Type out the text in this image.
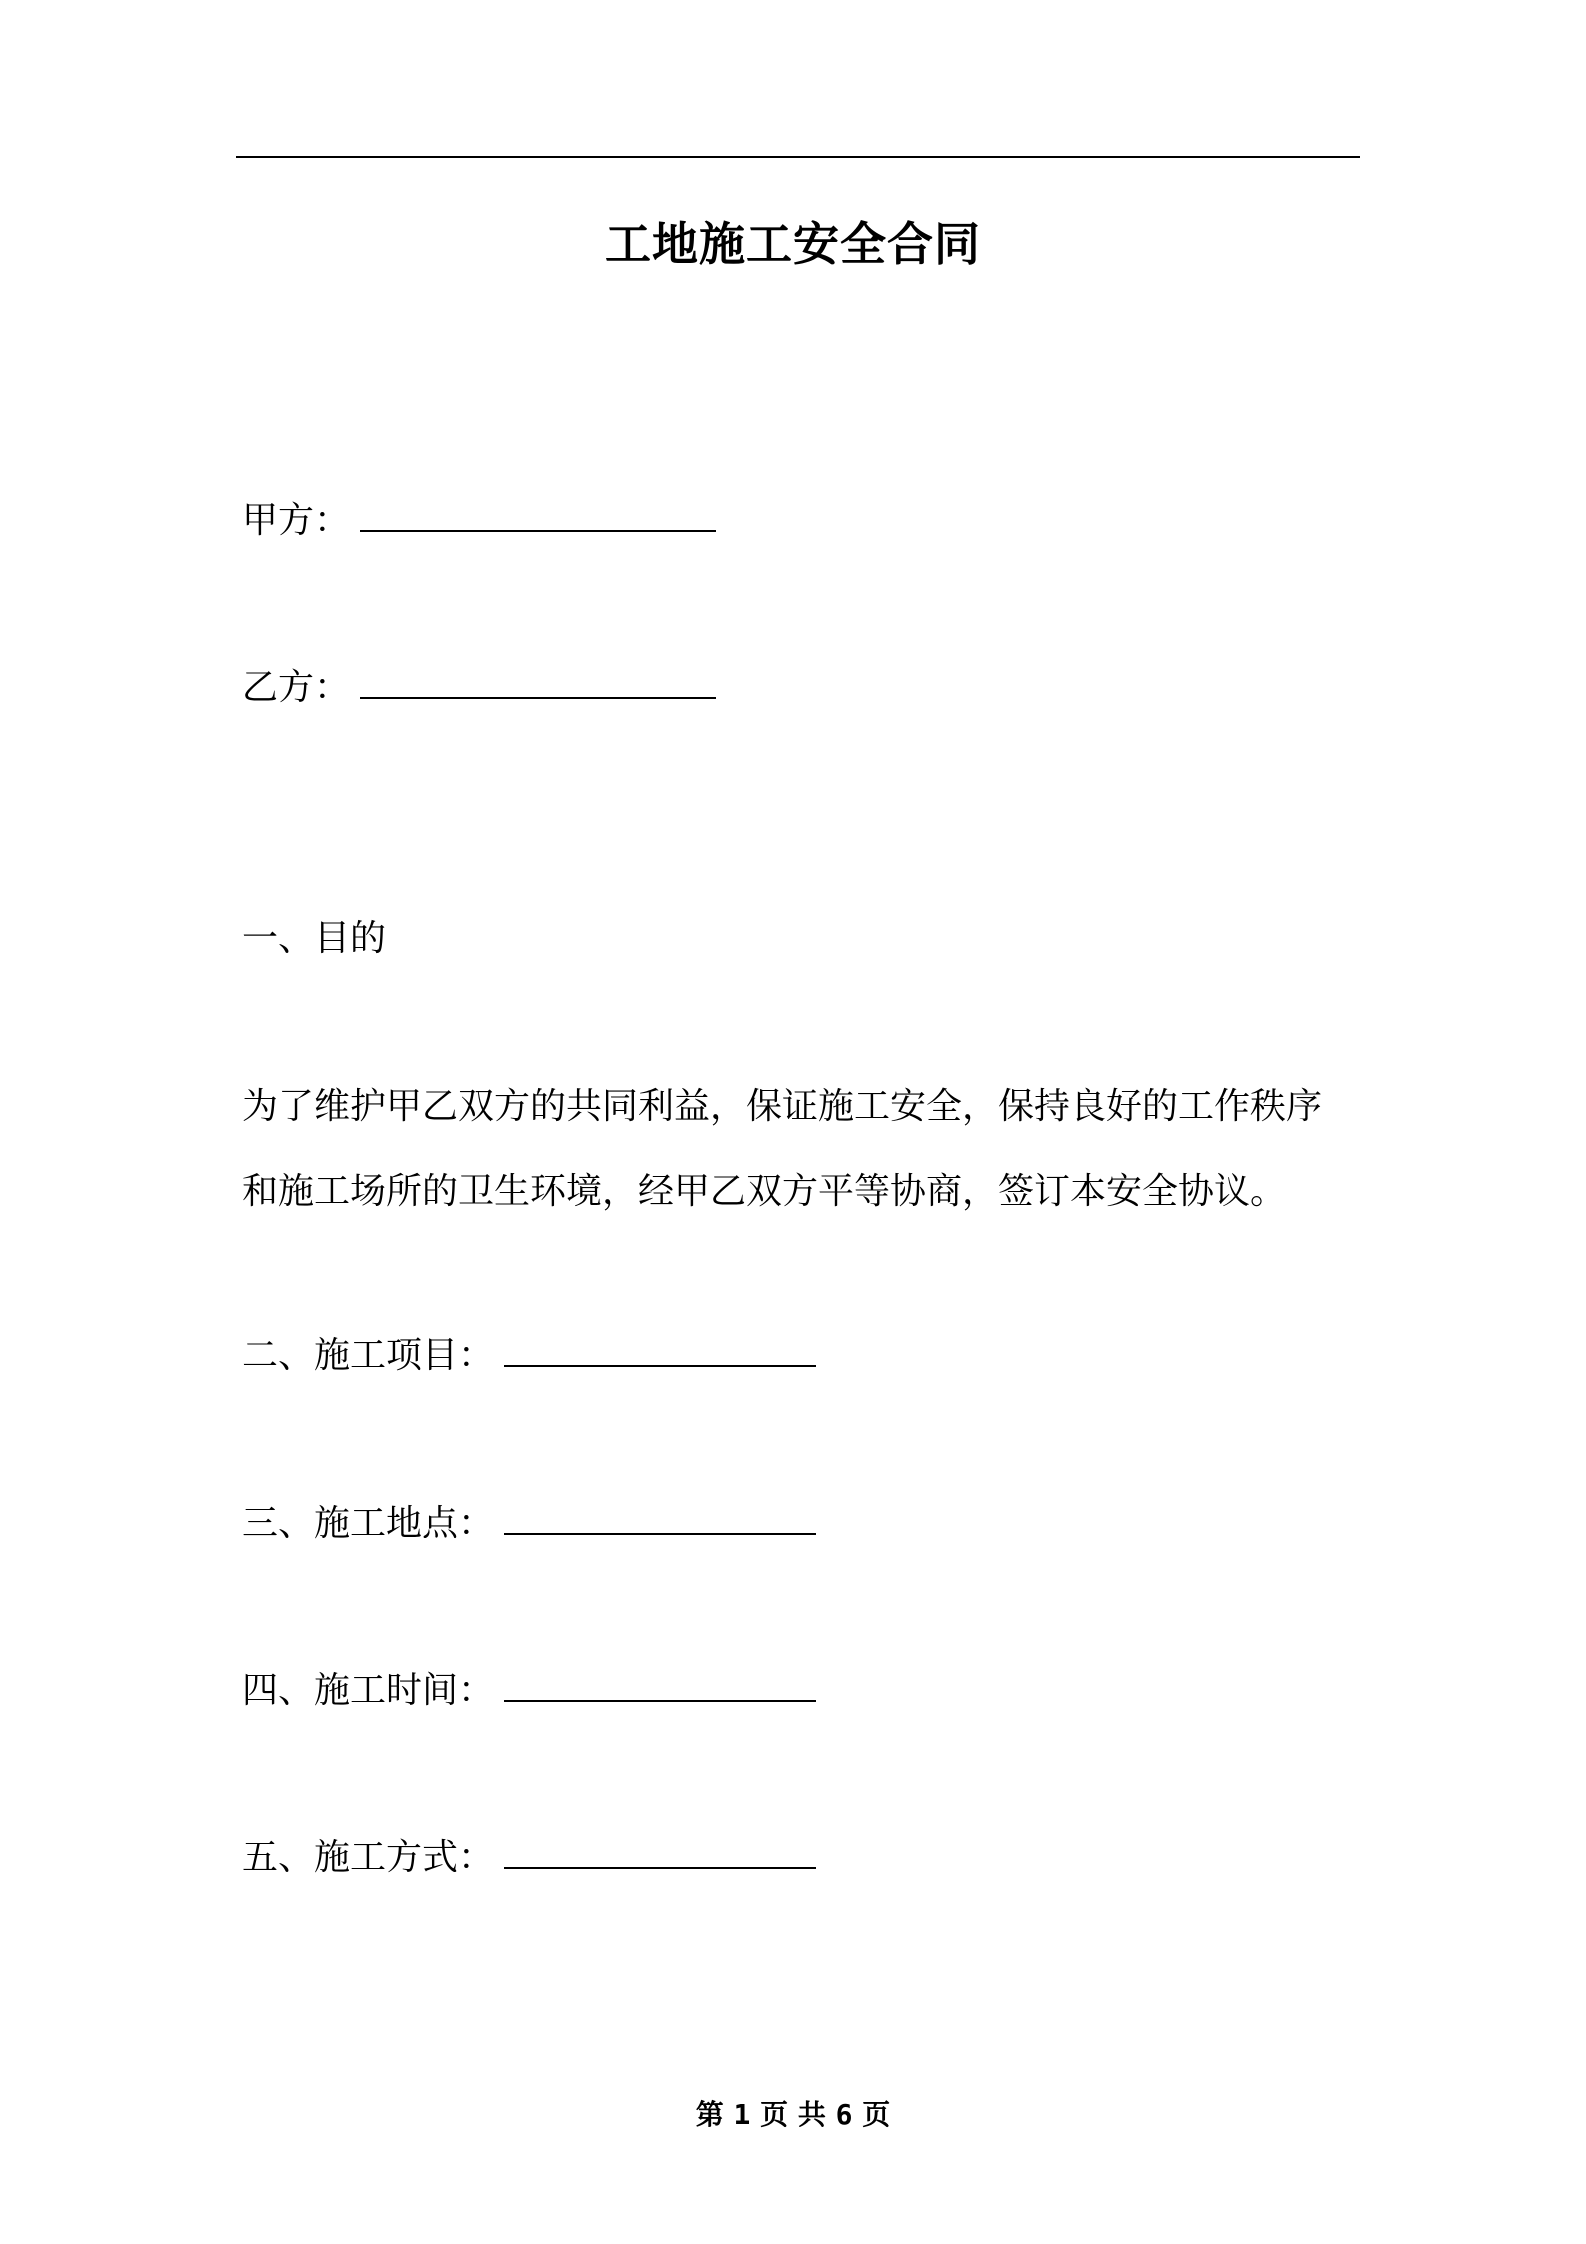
工地施工安全合同
甲方：
乙方：
一、目的
为了维护甲乙双方的共同利益，保证施工安全，保持良好的工作秩序
和施工场所的卫生环境，经甲乙双方平等协商，签订本安全协议。
二、施工项目：
三、施工地点：
四、施工时间：
五、施工方式：
第 1 页 共 6 页
